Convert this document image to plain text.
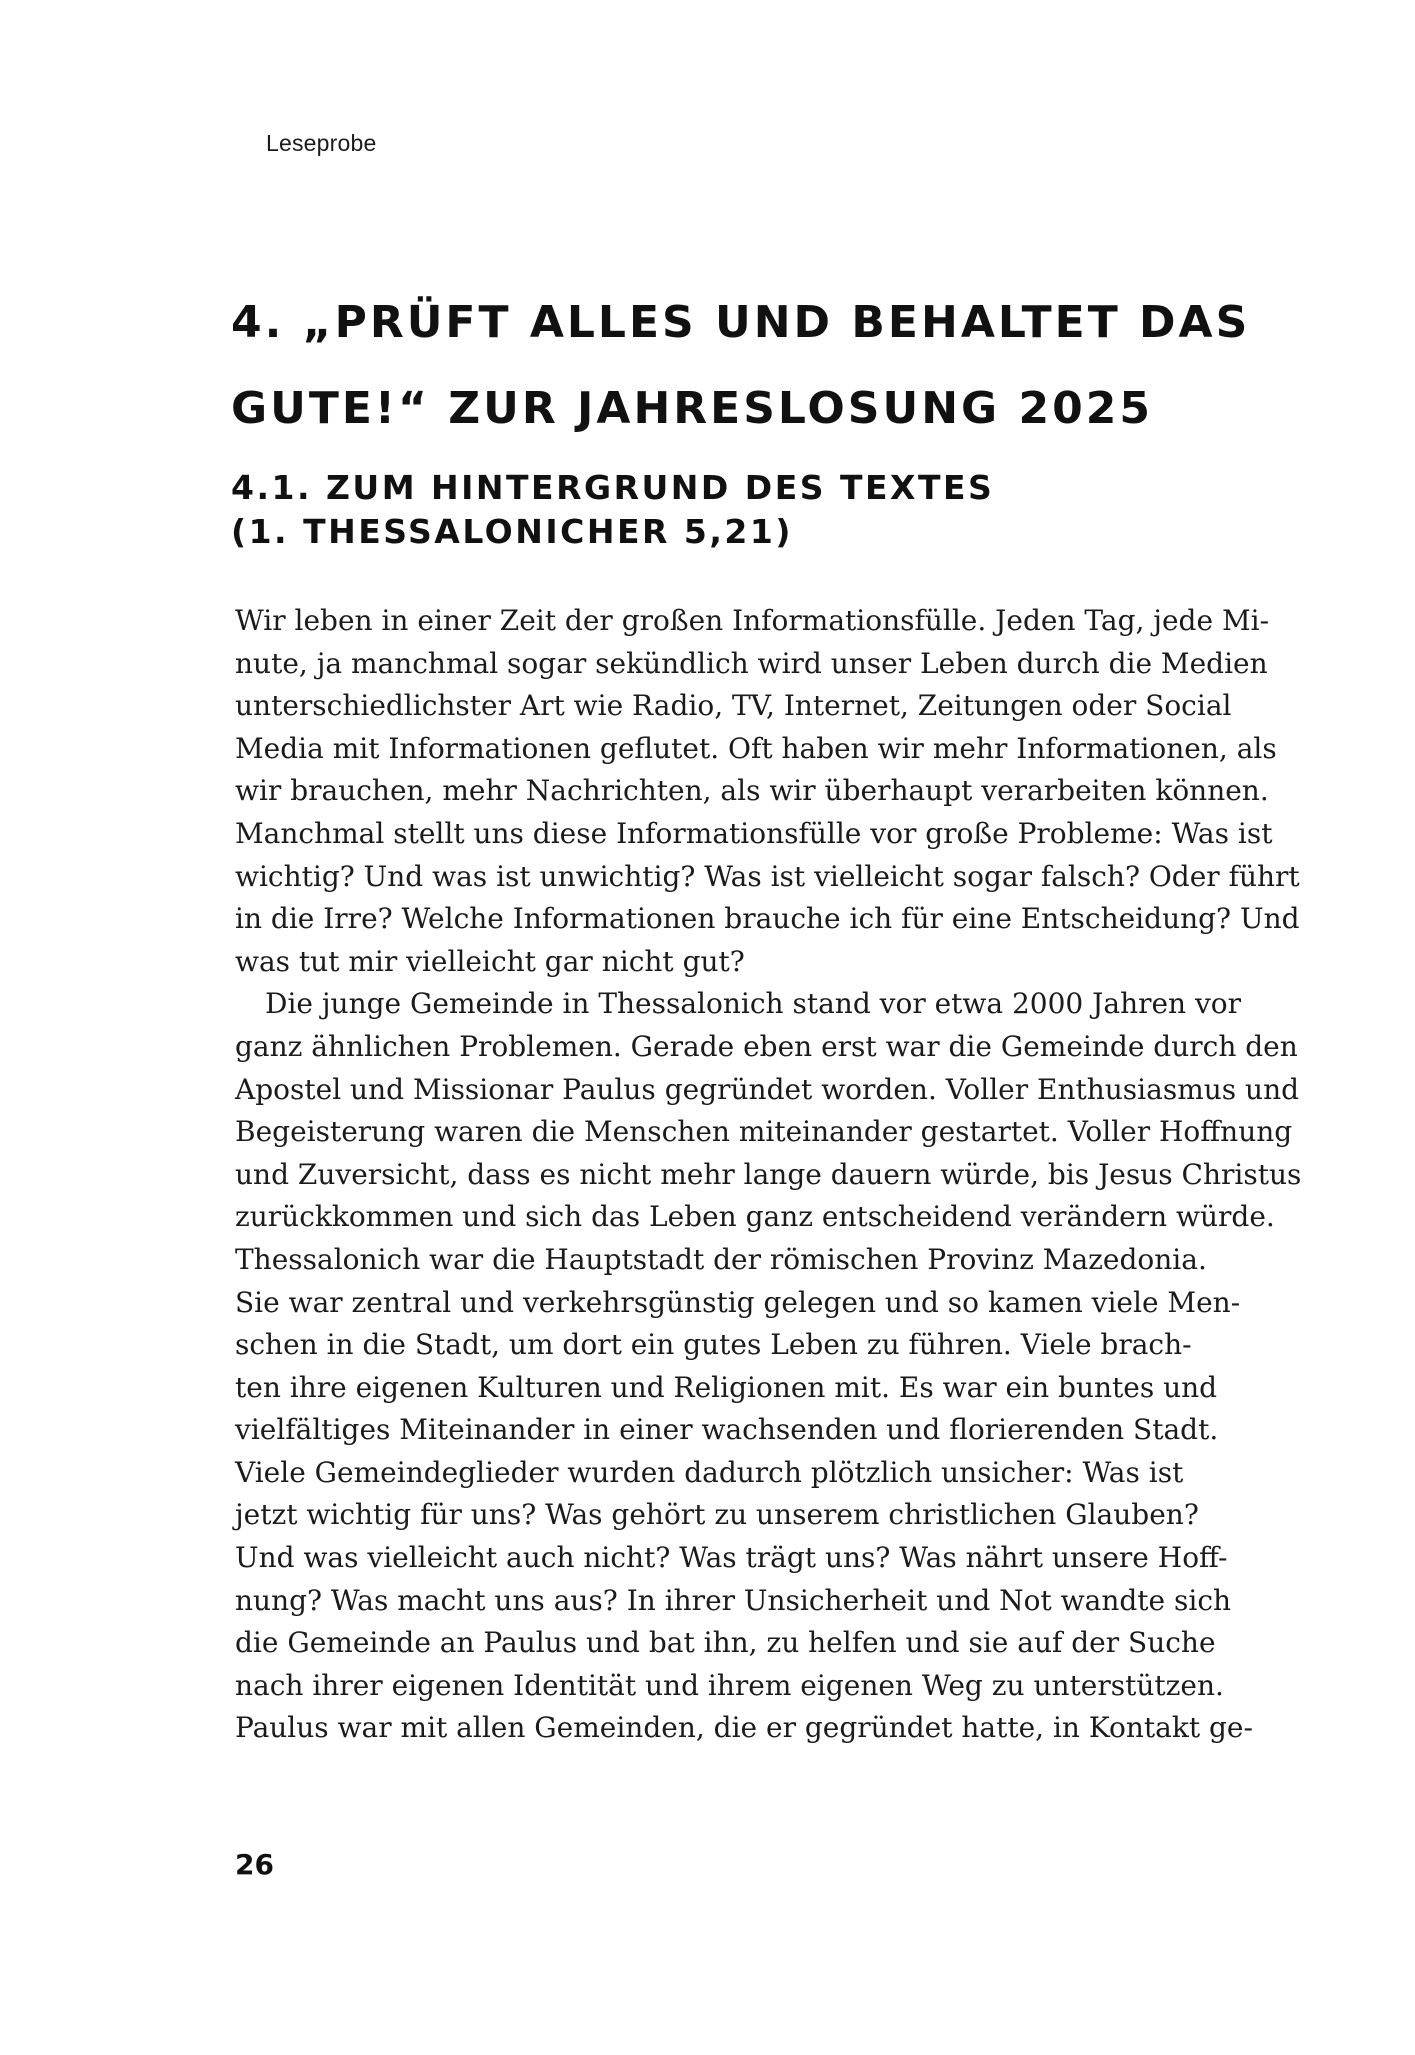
Leseprobe
4. „PRÜFT ALLES UND BEHALTET DAS
GUTE!“ ZUR JAHRESLOSUNG 2025
4.1. ZUM HINTERGRUND DES TEXTES
(1. THESSALONICHER 5,21)
Wir leben in einer Zeit der großen Informationsfülle. Jeden Tag, jede Mi-
nute, ja manchmal sogar sekündlich wird unser Leben durch die Medien
unterschiedlichster Art wie Radio, TV, Internet, Zeitungen oder Social
Media mit Informationen geflutet. Oft haben wir mehr Informationen, als
wir brauchen, mehr Nachrichten, als wir überhaupt verarbeiten können.
Manchmal stellt uns diese Informationsfülle vor große Probleme: Was ist
wichtig? Und was ist unwichtig? Was ist vielleicht sogar falsch? Oder führt
in die Irre? Welche Informationen brauche ich für eine Entscheidung? Und
was tut mir vielleicht gar nicht gut?
Die junge Gemeinde in Thessalonich stand vor etwa 2000 Jahren vor
ganz ähnlichen Problemen. Gerade eben erst war die Gemeinde durch den
Apostel und Missionar Paulus gegründet worden. Voller Enthusiasmus und
Begeisterung waren die Menschen miteinander gestartet. Voller Hoffnung
und Zuversicht, dass es nicht mehr lange dauern würde, bis Jesus Christus
zurückkommen und sich das Leben ganz entscheidend verändern würde.
Thessalonich war die Hauptstadt der römischen Provinz Mazedonia.
Sie war zentral und verkehrsgünstig gelegen und so kamen viele Men-
schen in die Stadt, um dort ein gutes Leben zu führen. Viele brach-
ten ihre eigenen Kulturen und Religionen mit. Es war ein buntes und
vielfältiges Miteinander in einer wachsenden und florierenden Stadt.
Viele Gemeindeglieder wurden dadurch plötzlich unsicher: Was ist
jetzt wichtig für uns? Was gehört zu unserem christlichen Glauben?
Und was vielleicht auch nicht? Was trägt uns? Was nährt unsere Hoff-
nung? Was macht uns aus? In ihrer Unsicherheit und Not wandte sich
die Gemeinde an Paulus und bat ihn, zu helfen und sie auf der Suche
nach ihrer eigenen Identität und ihrem eigenen Weg zu unterstützen.
Paulus war mit allen Gemeinden, die er gegründet hatte, in Kontakt ge-
26
